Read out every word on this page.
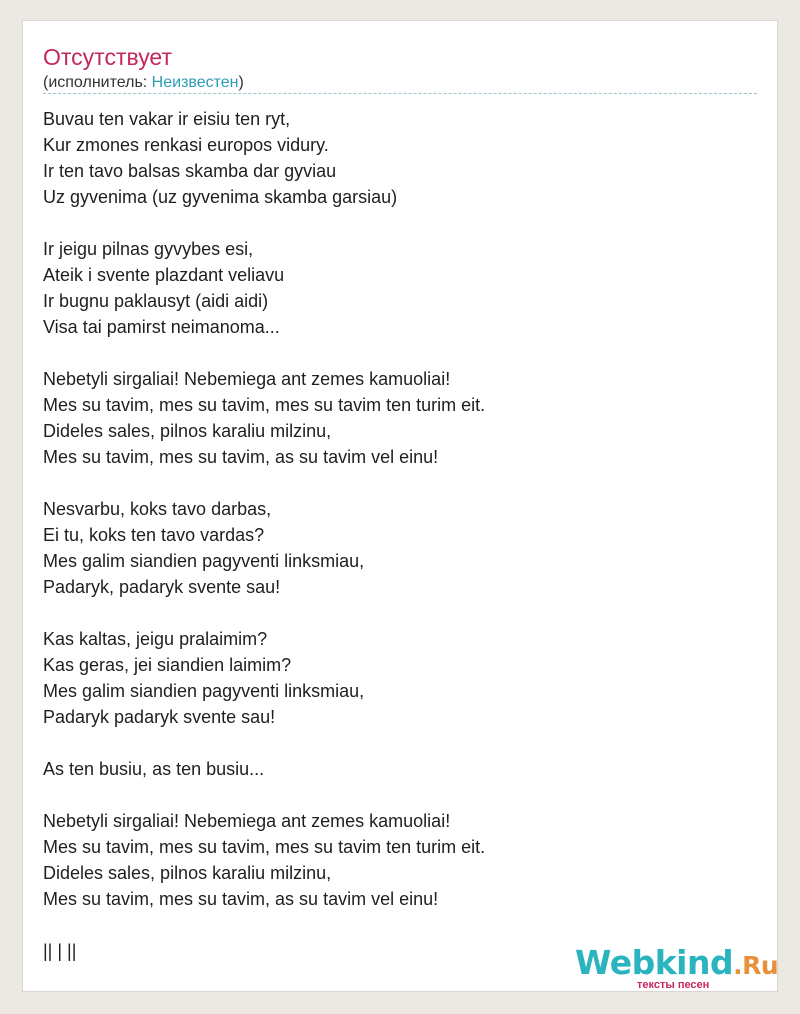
Отсутствует
(исполнитель: Неизвестен)
Buvau ten vakar ir eisiu ten ryt,
Kur zmones renkasi europos vidury.
Ir ten tavo balsas skamba dar gyviau
Uz gyvenima (uz gyvenima skamba garsiau)
Ir jeigu pilnas gyvybes esi,
Ateik i svente plazdant veliavu
Ir bugnu paklausyt (aidi aidi)
Visa tai pamirst neimanoma...
Nebetyli sirgaliai! Nebemiega ant zemes kamuoliai!
Mes su tavim, mes su tavim, mes su tavim ten turim eit.
Dideles sales, pilnos karaliu milzinu,
Mes su tavim, mes su tavim, as su tavim vel einu!
Nesvarbu, koks tavo darbas,
Ei tu, koks ten tavo vardas?
Mes galim siandien pagyventi linksmiau,
Padaryk, padaryk svente sau!
Kas kaltas, jeigu pralaimim?
Kas geras, jei siandien laimim?
Mes galim siandien pagyventi linksmiau,
Padaryk padaryk svente sau!
As ten busiu, as ten busiu...
Nebetyli sirgaliai! Nebemiega ant zemes kamuoliai!
Mes su tavim, mes su tavim, mes su tavim ten turim eit.
Dideles sales, pilnos karaliu milzinu,
Mes su tavim, mes su tavim, as su tavim vel einu!
|| | ||	Webkind.Ru
тексты песен
